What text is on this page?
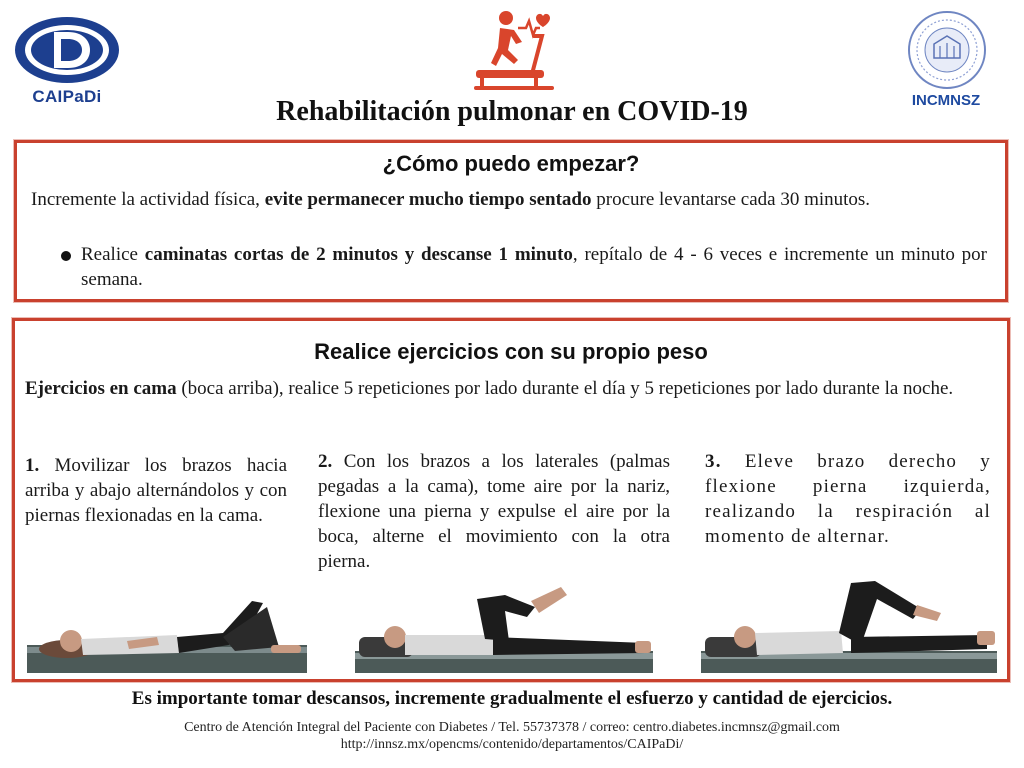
CAIPaDi	INCMNSZ
Rehabilitación pulmonar en COVID-19
¿Cómo puedo empezar?

Incremente la actividad física, evite permanecer mucho tiempo sentado procure levantarse cada 30 minutos.

Realice caminatas cortas de 2 minutos y descanse 1 minuto, repítalo de 4 - 6 veces e incremente un minuto por semana.

Realice ejercicios con su propio peso

Ejercicios en cama (boca arriba), realice 5 repeticiones por lado durante el día y 5 repeticiones por lado durante la noche.

1. Movilizar los brazos hacia arriba y abajo alternándolos y con piernas flexionadas en la cama.

2. Con los brazos a los laterales (palmas pegadas a la cama), tome aire por la nariz, flexione una pierna y expulse el aire por la boca, alterne el movimiento con la otra pierna.

3. Eleve brazo derecho y flexione pierna izquierda, realizando la respiración al momento de alternar.

Es importante tomar descansos, incremente gradualmente el esfuerzo y cantidad de ejercicios.
Centro de Atención Integral del Paciente con Diabetes / Tel. 55737378 / correo: centro.diabetes.incmnsz@gmail.com
http://innsz.mx/opencms/contenido/departamentos/CAIPaDi/
